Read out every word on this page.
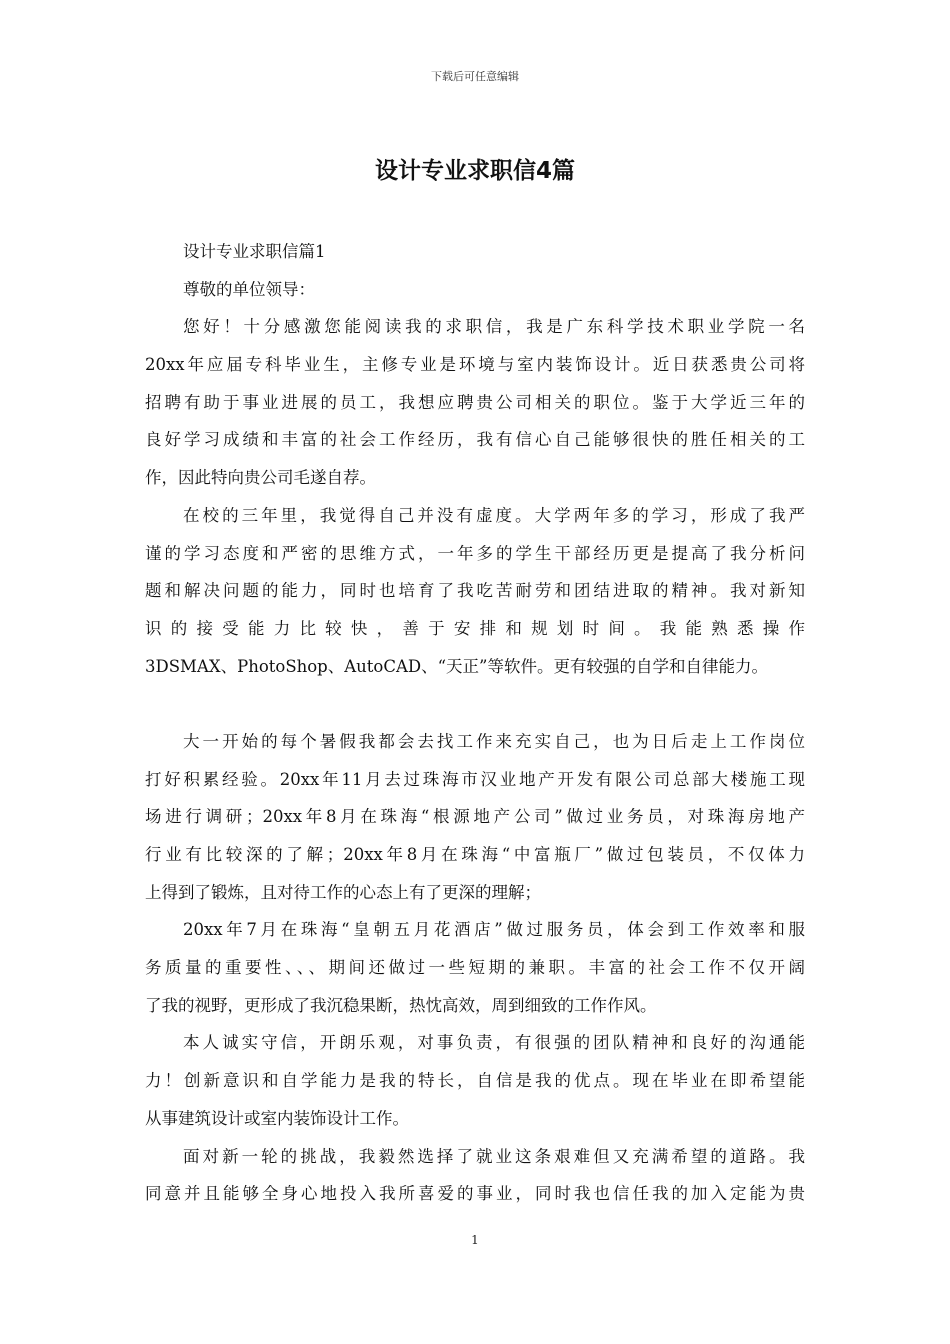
下载后可任意编辑
设计专业求职信4篇
设计专业求职信篇1
尊敬的单位领导：
您好！十分感激您能阅读我的求职信，我是广东科学技术职业学院一名
20xx年应届专科毕业生，主修专业是环境与室内装饰设计。近日获悉贵公司将
招聘有助于事业进展的员工，我想应聘贵公司相关的职位。鉴于大学近三年的
良好学习成绩和丰富的社会工作经历，我有信心自己能够很快的胜任相关的工
作，因此特向贵公司毛遂自荐。
在校的三年里，我觉得自己并没有虚度。大学两年多的学习，形成了我严
谨的学习态度和严密的思维方式，一年多的学生干部经历更是提高了我分析问
题和解决问题的能力，同时也培育了我吃苦耐劳和团结进取的精神。我对新知
识 的 接 受 能 力 比 较 快 ， 善 于 安 排 和 规 划 时 间 。 我 能 熟 悉 操 作
3DSMAX、PhotoShop、AutoCAD、“天正”等软件。更有较强的自学和自律能力。
大一开始的每个暑假我都会去找工作来充实自己，也为日后走上工作岗位
打好积累经验。20xx年11月去过珠海市汉业地产开发有限公司总部大楼施工现
场进行调研；20xx年8月在珠海“根源地产公司”做过业务员，对珠海房地产
行业有比较深的了解；20xx年8月在珠海“中富瓶厂”做过包装员，不仅体力
上得到了锻炼，且对待工作的心态上有了更深的理解；
20xx年7月在珠海“皇朝五月花酒店”做过服务员，体会到工作效率和服
务质量的重要性、、、期间还做过一些短期的兼职。丰富的社会工作不仅开阔
了我的视野，更形成了我沉稳果断，热忱高效，周到细致的工作作风。
本人诚实守信，开朗乐观，对事负责，有很强的团队精神和良好的沟通能
力！创新意识和自学能力是我的特长，自信是我的优点。现在毕业在即希望能
从事建筑设计或室内装饰设计工作。
面对新一轮的挑战，我毅然选择了就业这条艰难但又充满希望的道路。我
同意并且能够全身心地投入我所喜爱的事业，同时我也信任我的加入定能为贵
1
